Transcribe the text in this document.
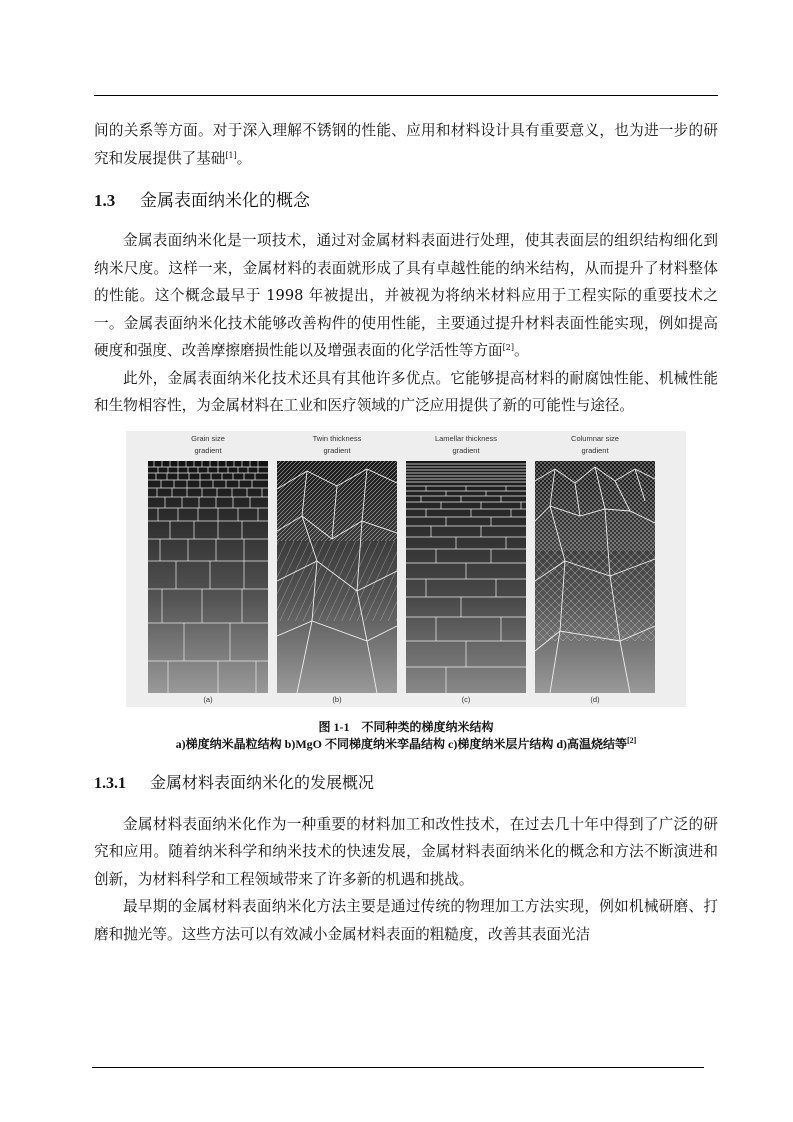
间的关系等方面。对于深入理解不锈钢的性能、应用和材料设计具有重要意义，也为进一步的研究和发展提供了基础[1]。

1.3 金属表面纳米化的概念

金属表面纳米化是一项技术，通过对金属材料表面进行处理，使其表面层的组织结构细化到纳米尺度。这样一来，金属材料的表面就形成了具有卓越性能的纳米结构，从而提升了材料整体的性能。这个概念最早于 1998 年被提出，并被视为将纳米材料应用于工程实际的重要技术之一。金属表面纳米化技术能够改善构件的使用性能，主要通过提升材料表面性能实现，例如提高硬度和强度、改善摩擦磨损性能以及增强表面的化学活性等方面[2]。

此外，金属表面纳米化技术还具有其他许多优点。它能够提高材料的耐腐蚀性能、机械性能和生物相容性，为金属材料在工业和医疗领域的广泛应用提供了新的可能性与途径。

Grain size
gradient
(a)
Twin thickness
gradient
(b)
Lamellar thickness
gradient
(c)
Columnar size
gradient
(d)
图 1-1　不同种类的梯度纳米结构
a)梯度纳米晶粒结构 b)MgO 不同梯度纳米孪晶结构 c)梯度纳米层片结构 d)高温烧结等[2]
1.3.1 金属材料表面纳米化的发展概况

金属材料表面纳米化作为一种重要的材料加工和改性技术，在过去几十年中得到了广泛的研究和应用。随着纳米科学和纳米技术的快速发展，金属材料表面纳米化的概念和方法不断演进和创新，为材料科学和工程领域带来了许多新的机遇和挑战。

最早期的金属材料表面纳米化方法主要是通过传统的物理加工方法实现，例如机械研磨、打磨和抛光等。这些方法可以有效减小金属材料表面的粗糙度，改善其表面光洁
